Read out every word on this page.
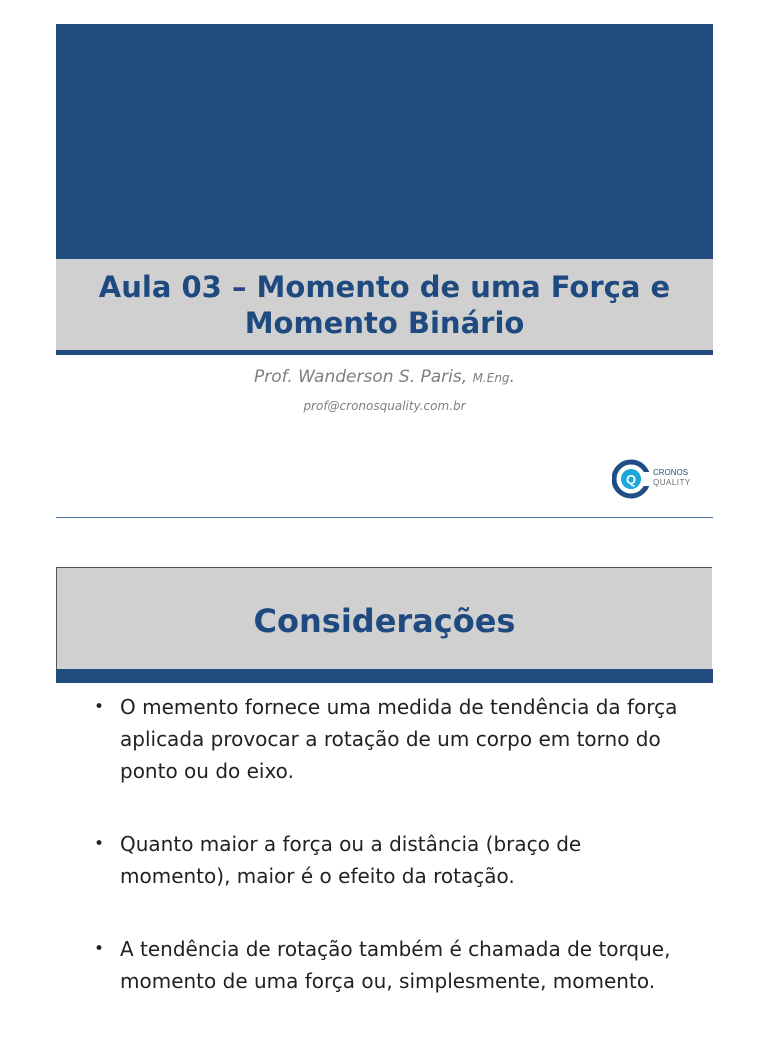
Aula 03 – Momento de uma Força e
Momento Binário
Prof. Wanderson S. Paris, M.Eng.
prof@cronosquality.com.br
Q CRONOS
QUALITY
Considerações
• O memento fornece uma medida de tendência da força aplicada provocar a rotação de um corpo em torno do ponto ou do eixo.
• Quanto maior a força ou a distância (braço de momento), maior é o efeito da rotação.
• A tendência de rotação também é chamada de torque, momento de uma força ou, simplesmente, momento.
